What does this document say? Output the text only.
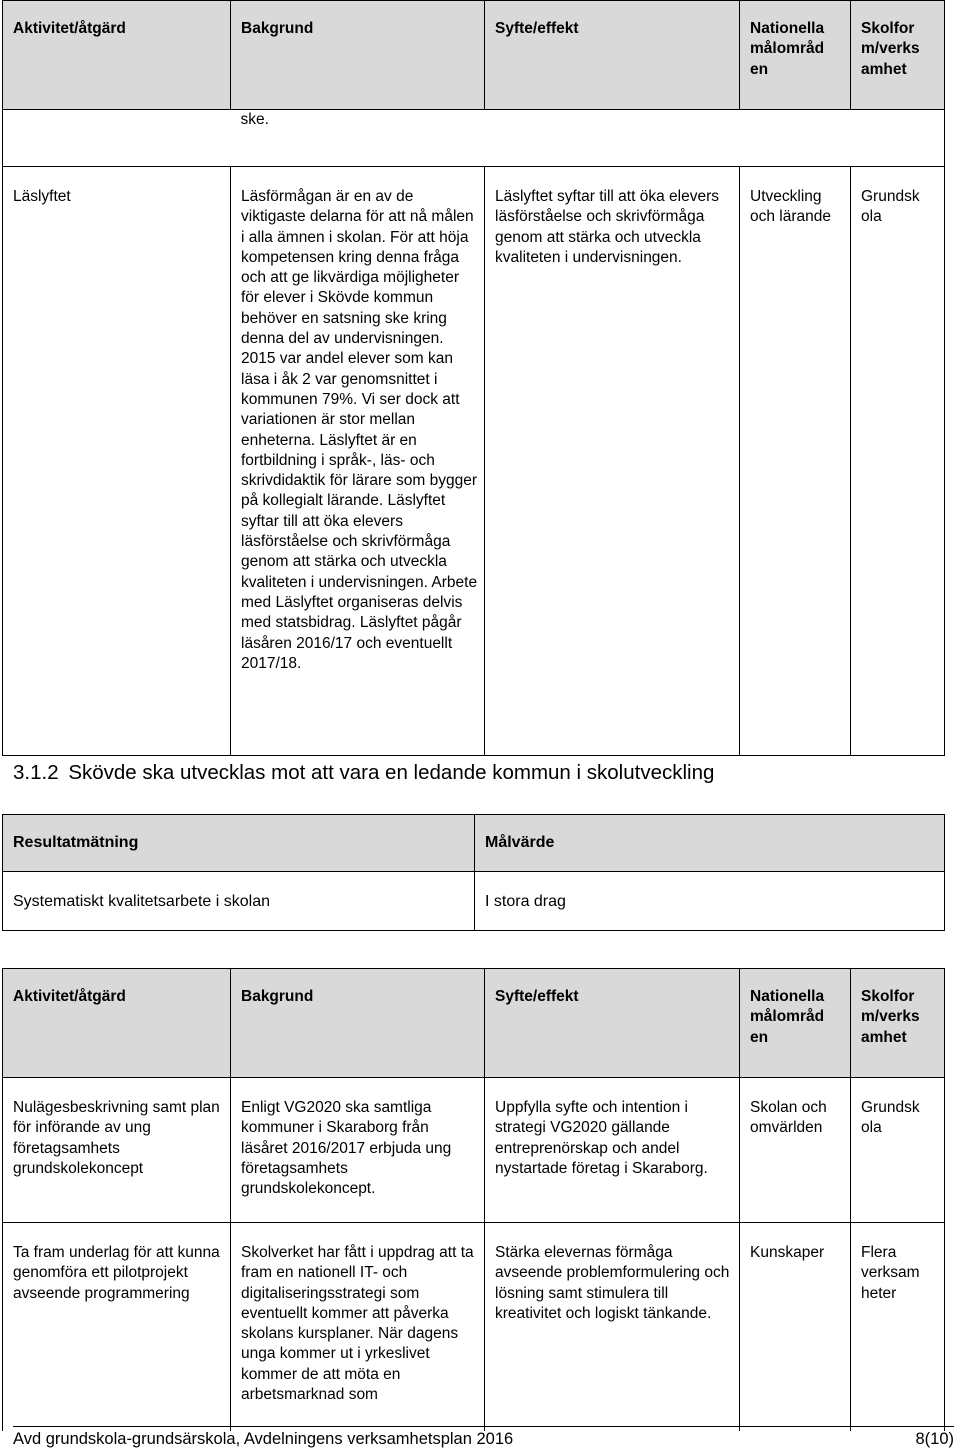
Aktivitet/åtgärd	Bakgrund	Syfte/effekt	Nationella målområd en	Skolfor m/verks amhet
	ske.			
Läslyftet	Läsförmågan är en av de viktigaste delarna för att nå målen i alla ämnen i skolan. För att höja kompetensen kring denna fråga och att ge likvärdiga möjligheter för elever i Skövde kommun behöver en satsning ske kring denna del av undervisningen. 2015 var andel elever som kan läsa i åk 2 var genomsnittet i kommunen 79%. Vi ser dock att variationen är stor mellan enheterna. Läslyftet är en fortbildning i språk-, läs- och skrivdidaktik för lärare som bygger på kollegialt lärande. Läslyftet syftar till att öka elevers läsförståelse och skrivförmåga genom att stärka och utveckla kvaliteten i undervisningen. Arbete med Läslyftet organiseras delvis med statsbidrag. Läslyftet pågår läsåren 2016/17 och eventuellt 2017/18.	Läslyftet syftar till att öka elevers läsförståelse och skrivförmåga genom att stärka och utveckla kvaliteten i undervisningen.	Utveckling och lärande	Grundsk ola
3.1.2 Skövde ska utvecklas mot att vara en ledande kommun i skolutveckling
Resultatmätning	Målvärde
Systematiskt kvalitetsarbete i skolan	I stora drag
Aktivitet/åtgärd	Bakgrund	Syfte/effekt	Nationella målområd en	Skolfor m/verks amhet
Nulägesbeskrivning samt plan för införande av ung företagsamhets grundskolekoncept	Enligt VG2020 ska samtliga kommuner i Skaraborg från läsåret 2016/2017 erbjuda ung företagsamhets grundskolekoncept.	Uppfylla syfte och intention i strategi VG2020 gällande entreprenörskap och andel nystartade företag i Skaraborg.	Skolan och omvärlden	Grundsk ola
Ta fram underlag för att kunna genomföra ett pilotprojekt avseende programmering	Skolverket har fått i uppdrag att ta fram en nationell IT- och digitaliseringsstrategi som eventuellt kommer att påverka skolans kursplaner. När dagens unga kommer ut i yrkeslivet kommer de att möta en arbetsmarknad som	Stärka elevernas förmåga avseende problemformulering och lösning samt stimulera till kreativitet och logiskt tänkande.	Kunskaper	Flera verksam heter
Avd grundskola-grundsärskola, Avdelningens verksamhetsplan 2016	8(10)
